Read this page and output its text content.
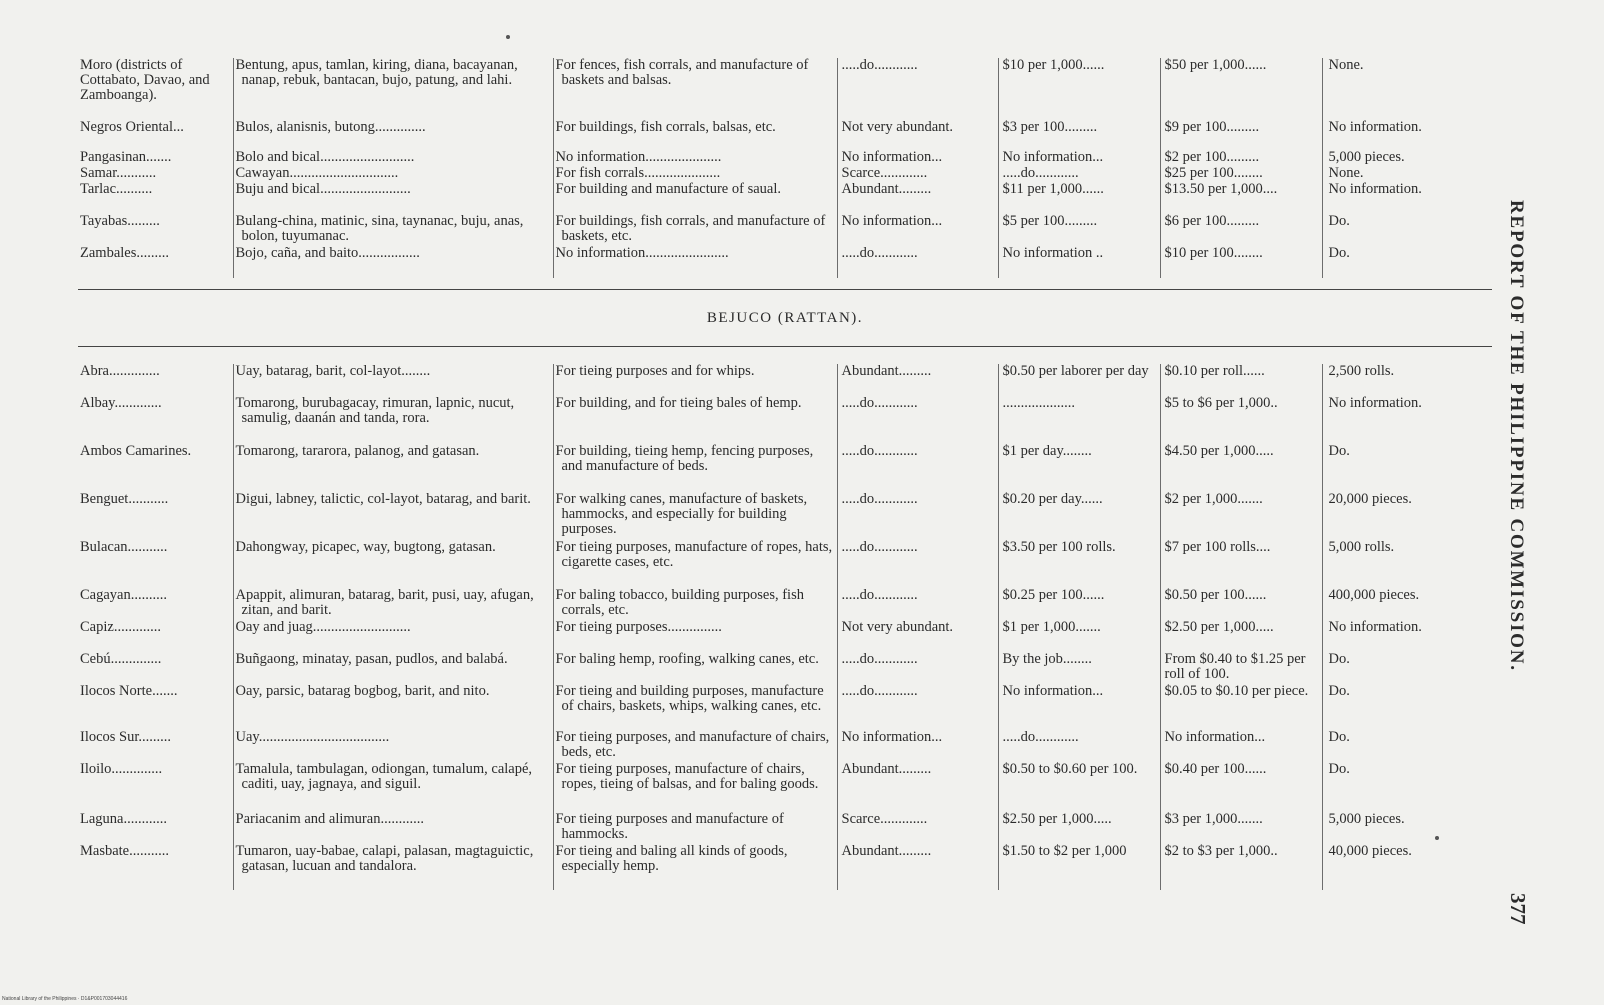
Moro (districts of Cottabato, Davao, and Zamboanga).	Bentung, apus, tamlan, kiring, diana, bacayanan, nanap, rebuk, bantacan, bujo, patung, and lahi.	For fences, fish corrals, and manufacture of baskets and balsas.	.....do............	$10 per 1,000......	$50 per 1,000......	None.
Negros Oriental...	Bulos, alanisnis, butong..............	For buildings, fish corrals, balsas, etc.	Not very abundant.	$3 per 100.........	$9 per 100.........	No information.
Pangasinan.......	Bolo and bical..........................	No information.....................	No information...	No information...	$2 per 100.........	5,000 pieces.
Samar...........	Cawayan..............................	For fish corrals.....................	Scarce.............	.....do............	$25 per 100........	None.
Tarlac..........	Buju and bical.........................	For building and manufacture of saual.	Abundant.........	$11 per 1,000......	$13.50 per 1,000....	No information.
Tayabas.........	Bulang-china, matinic, sina, taynanac, buju, anas, bolon, tuyumanac.	For buildings, fish corrals, and manufacture of baskets, etc.	No information...	$5 per 100.........	$6 per 100.........	Do.
Zambales.........	Bojo, caña, and baito.................	No information.......................	.....do............	No information ..	$10 per 100........	Do.
BEJUCO (RATTAN).
Abra..............	Uay, batarag, barit, col-layot........	For tieing purposes and for whips.	Abundant.........	$0.50 per laborer per day	$0.10 per roll......	2,500 rolls.
Albay.............	Tomarong, burubagacay, rimuran, lapnic, nucut, samulig, daanán and tanda, rora.	For building, and for tieing bales of hemp.	.....do............	....................	$5 to $6 per 1,000..	No information.
Ambos Camarines.	Tomarong, tararora, palanog, and gatasan.	For building, tieing hemp, fencing purposes, and manufacture of beds.	.....do............	$1 per day........	$4.50 per 1,000.....	Do.
Benguet...........	Digui, labney, talictic, col-layot, batarag, and barit.	For walking canes, manufacture of baskets, hammocks, and especially for building purposes.	.....do............	$0.20 per day......	$2 per 1,000.......	20,000 pieces.
Bulacan...........	Dahongway, picapec, way, bugtong, gatasan.	For tieing purposes, manufacture of ropes, hats, cigarette cases, etc.	.....do............	$3.50 per 100 rolls.	$7 per 100 rolls....	5,000 rolls.
Cagayan..........	Apappit, alimuran, batarag, barit, pusi, uay, afugan, zitan, and barit.	For baling tobacco, building purposes, fish corrals, etc.	.....do............	$0.25 per 100......	$0.50 per 100......	400,000 pieces.
Capiz.............	Oay and juag...........................	For tieing purposes...............	Not very abundant.	$1 per 1,000.......	$2.50 per 1,000.....	No information.
Cebú..............	Buñgaong, minatay, pasan, pudlos, and balabá.	For baling hemp, roofing, walking canes, etc.	.....do............	By the job........	From $0.40 to $1.25 per roll of 100.	Do.
Ilocos Norte.......	Oay, parsic, batarag bogbog, barit, and nito.	For tieing and building purposes, manufacture of chairs, baskets, whips, walking canes, etc.	.....do............	No information...	$0.05 to $0.10 per piece.	Do.
Ilocos Sur.........	Uay....................................	For tieing purposes, and manufacture of chairs, beds, etc.	No information...	.....do............	No information...	Do.
Iloilo..............	Tamalula, tambulagan, odiongan, tumalum, calapé, caditi, uay, jagnaya, and siguil.	For tieing purposes, manufacture of chairs, ropes, tieing of balsas, and for baling goods.	Abundant.........	$0.50 to $0.60 per 100.	$0.40 per 100......	Do.
Laguna............	Pariacanim and alimuran............	For tieing purposes and manufacture of hammocks.	Scarce.............	$2.50 per 1,000.....	$3 per 1,000.......	5,000 pieces.
Masbate...........	Tumaron, uay-babae, calapi, palasan, magtaguictic, gatasan, lucuan and tandalora.	For tieing and baling all kinds of goods, especially hemp.	Abundant.........	$1.50 to $2 per 1,000	$2 to $3 per 1,000..	40,000 pieces.
REPORT OF THE PHILIPPINE COMMISSION.
377
National Library of the Philippines · D1&P001703044416
